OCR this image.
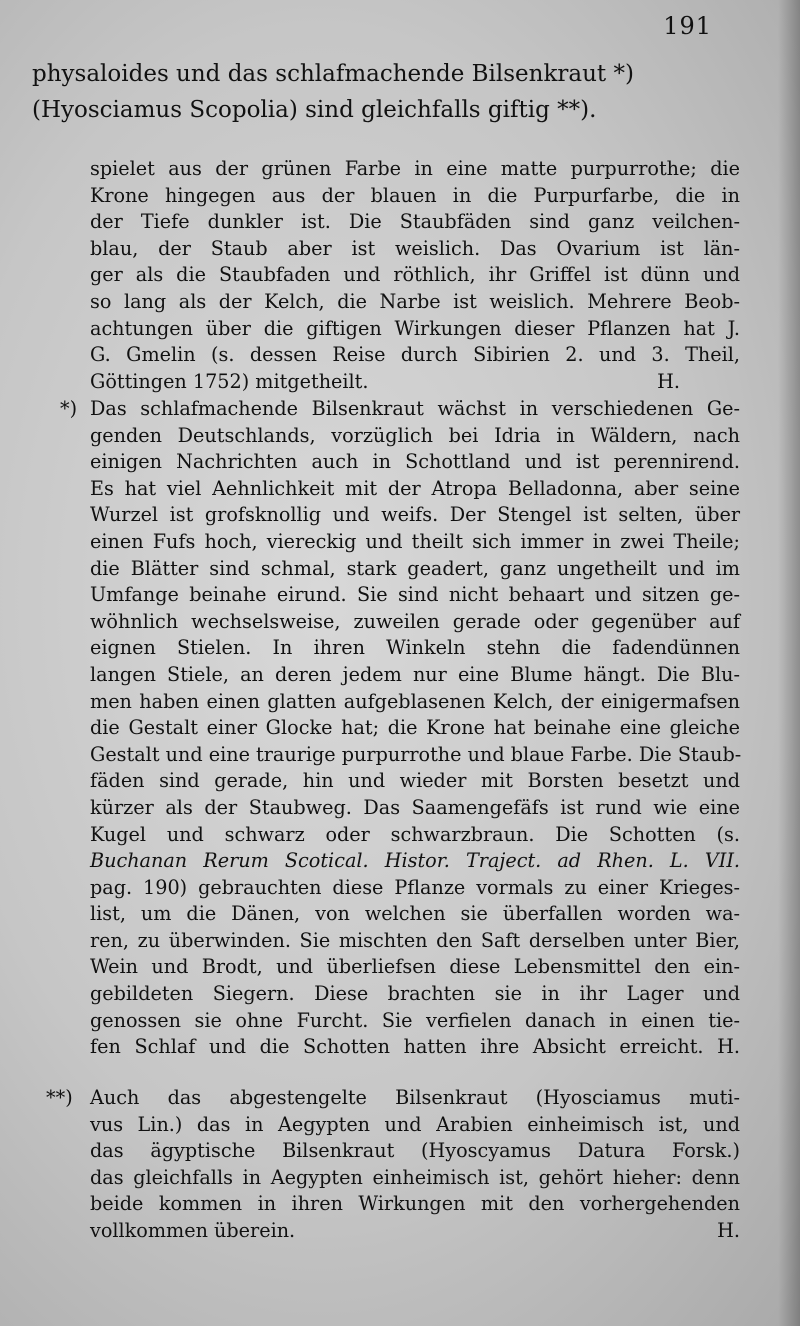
191
physaloides und das schlafmachende Bilsenkraut *)
(Hyosciamus Scopolia) sind gleichfalls giftig **).
spielet aus der grünen Farbe in eine matte purpurrothe; die
Krone hingegen aus der blauen in die Purpurfarbe, die in
der Tiefe dunkler ist. Die Staubfäden sind ganz veilchen-
blau, der Staub aber ist weislich. Das Ovarium ist län-
ger als die Staubfaden und röthlich, ihr Griffel ist dünn und
so lang als der Kelch, die Narbe ist weislich. Mehrere Beob-
achtungen über die giftigen Wirkungen dieser Pflanzen hat J.
G. Gmelin (s. dessen Reise durch Sibirien 2. und 3. Theil,
Göttingen 1752) mitgetheilt.	H.
*) Das schlafmachende Bilsenkraut wächst in verschiedenen Ge-
genden Deutschlands, vorzüglich bei Idria in Wäldern, nach
einigen Nachrichten auch in Schottland und ist perennirend.
Es hat viel Aehnlichkeit mit der Atropa Belladonna, aber seine
Wurzel ist grofsknollig und weifs. Der Stengel ist selten, über
einen Fufs hoch, viereckig und theilt sich immer in zwei Theile;
die Blätter sind schmal, stark geadert, ganz ungetheilt und im
Umfange beinahe eirund. Sie sind nicht behaart und sitzen ge-
wöhnlich wechselsweise, zuweilen gerade oder gegenüber auf
eignen Stielen. In ihren Winkeln stehn die fadendünnen
langen Stiele, an deren jedem nur eine Blume hängt. Die Blu-
men haben einen glatten aufgeblasenen Kelch, der einigermafsen
die Gestalt einer Glocke hat; die Krone hat beinahe eine gleiche
Gestalt und eine traurige purpurrothe und blaue Farbe. Die Staub-
fäden sind gerade, hin und wieder mit Borsten besetzt und
kürzer als der Staubweg. Das Saamengefäfs ist rund wie eine
Kugel und schwarz oder schwarzbraun. Die Schotten (s.
Buchanan Rerum Scotical. Histor. Traject. ad Rhen. L. VII.
pag. 190) gebrauchten diese Pflanze vormals zu einer Krieges-
list, um die Dänen, von welchen sie überfallen worden wa-
ren, zu überwinden. Sie mischten den Saft derselben unter Bier,
Wein und Brodt, und überliefsen diese Lebensmittel den ein-
gebildeten Siegern. Diese brachten sie in ihr Lager und
genossen sie ohne Furcht. Sie verfielen danach in einen tie-
fen Schlaf und die Schotten hatten ihre Absicht erreicht. H.
**) Auch das abgestengelte Bilsenkraut (Hyosciamus muti-
vus Lin.) das in Aegypten und Arabien einheimisch ist, und
das ägyptische Bilsenkraut (Hyoscyamus Datura Forsk.)
das gleichfalls in Aegypten einheimisch ist, gehört hieher: denn
beide kommen in ihren Wirkungen mit den vorhergehenden
vollkommen überein.	H.
